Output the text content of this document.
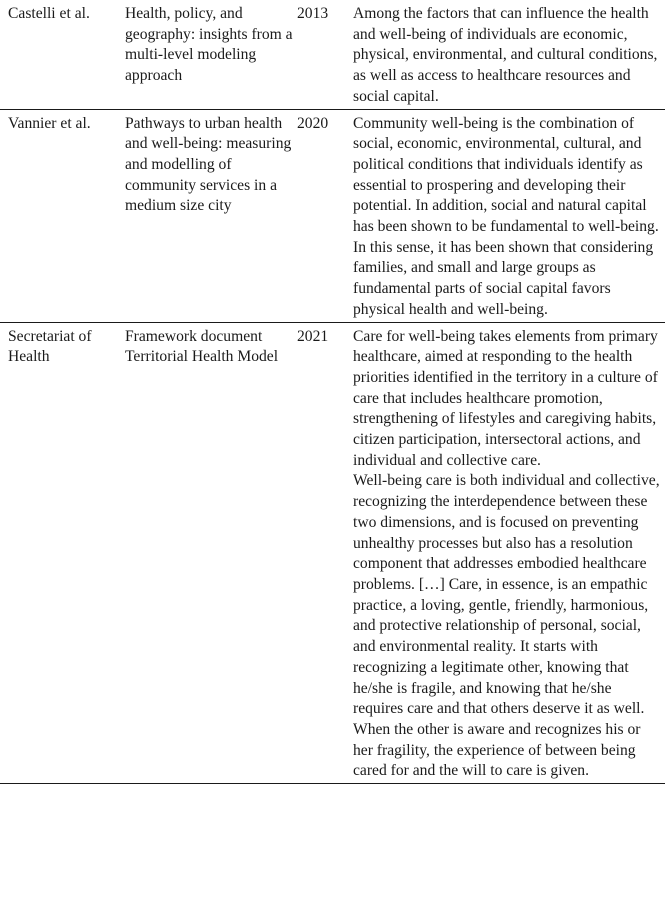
Castelli et al.	Health, policy, and geography: insights from a multi-level modeling approach	2013	Among the factors that can influence the health and well-being of individuals are economic, physical, environmental, and cultural conditions, as well as access to healthcare resources and social capital.
Vannier et al.	Pathways to urban health and well-being: measuring and modelling of community services in a medium size city	2020	Community well-being is the combination of social, economic, environmental, cultural, and political conditions that individuals identify as essential to prospering and developing their potential. In addition, social and natural capital has been shown to be fundamental to well-being. In this sense, it has been shown that considering families, and small and large groups as fundamental parts of social capital favors physical health and well-being.
Secretariat of Health	Framework document Territorial Health Model	2021	Care for well-being takes elements from primary healthcare, aimed at responding to the health priorities identified in the territory in a culture of care that includes healthcare promotion, strengthening of lifestyles and caregiving habits, citizen participation, intersectoral actions, and individual and collective care.
Well-being care is both individual and collective, recognizing the interdependence between these two dimensions, and is focused on preventing unhealthy processes but also has a resolution component that addresses embodied healthcare problems. […] Care, in essence, is an empathic practice, a loving, gentle, friendly, harmonious, and protective relationship of personal, social, and environmental reality. It starts with recognizing a legitimate other, knowing that he/she is fragile, and knowing that he/she requires care and that others deserve it as well. When the other is aware and recognizes his or her fragility, the experience of between being cared for and the will to care is given.
